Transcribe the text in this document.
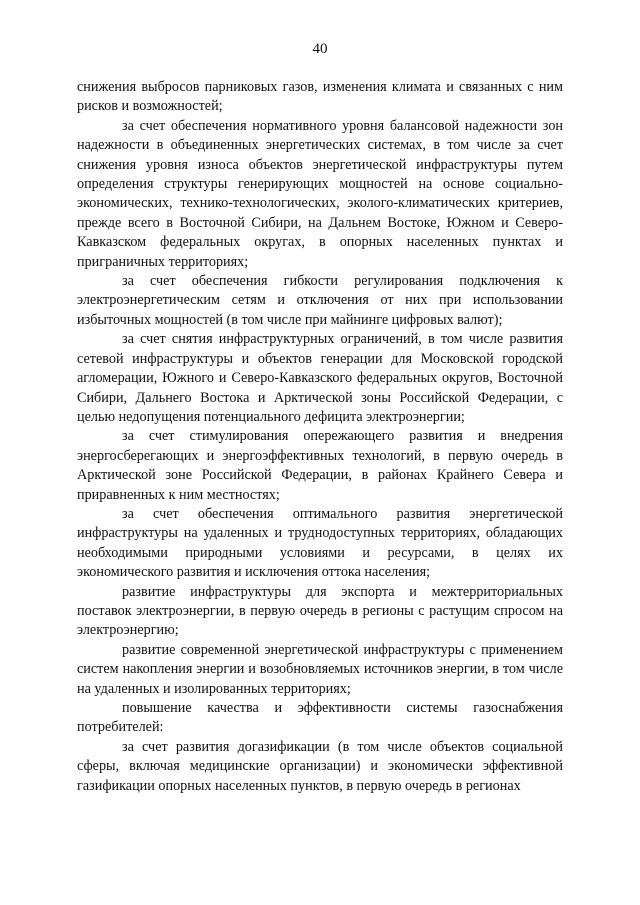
40

снижения выбросов парниковых газов, изменения климата и связанных с ним рисков и возможностей;

за счет обеспечения нормативного уровня балансовой надежности зон надежности в объединенных энергетических системах, в том числе за счет снижения уровня износа объектов энергетической инфраструктуры путем определения структуры генерирующих мощностей на основе социально-экономических, технико-технологических, эколого-климатических критериев, прежде всего в Восточной Сибири, на Дальнем Востоке, Южном и Северо-Кавказском федеральных округах, в опорных населенных пунктах и приграничных территориях;

за счет обеспечения гибкости регулирования подключения к электроэнергетическим сетям и отключения от них при использовании избыточных мощностей (в том числе при майнинге цифровых валют);

за счет снятия инфраструктурных ограничений, в том числе развития сетевой инфраструктуры и объектов генерации для Московской городской агломерации, Южного и Северо-Кавказского федеральных округов, Восточной Сибири, Дальнего Востока и Арктической зоны Российской Федерации, с целью недопущения потенциального дефицита электроэнергии;

за счет стимулирования опережающего развития и внедрения энергосберегающих и энергоэффективных технологий, в первую очередь в Арктической зоне Российской Федерации, в районах Крайнего Севера и приравненных к ним местностях;

за счет обеспечения оптимального развития энергетической инфраструктуры на удаленных и труднодоступных территориях, обладающих необходимыми природными условиями и ресурсами, в целях их экономического развития и исключения оттока населения;

развитие инфраструктуры для экспорта и межтерриториальных поставок электроэнергии, в первую очередь в регионы с растущим спросом на электроэнергию;

развитие современной энергетической инфраструктуры с применением систем накопления энергии и возобновляемых источников энергии, в том числе на удаленных и изолированных территориях;

повышение качества и эффективности системы газоснабжения потребителей:

за счет развития догазификации (в том числе объектов социальной сферы, включая медицинские организации) и экономически эффективной газификации опорных населенных пунктов, в первую очередь в регионах
